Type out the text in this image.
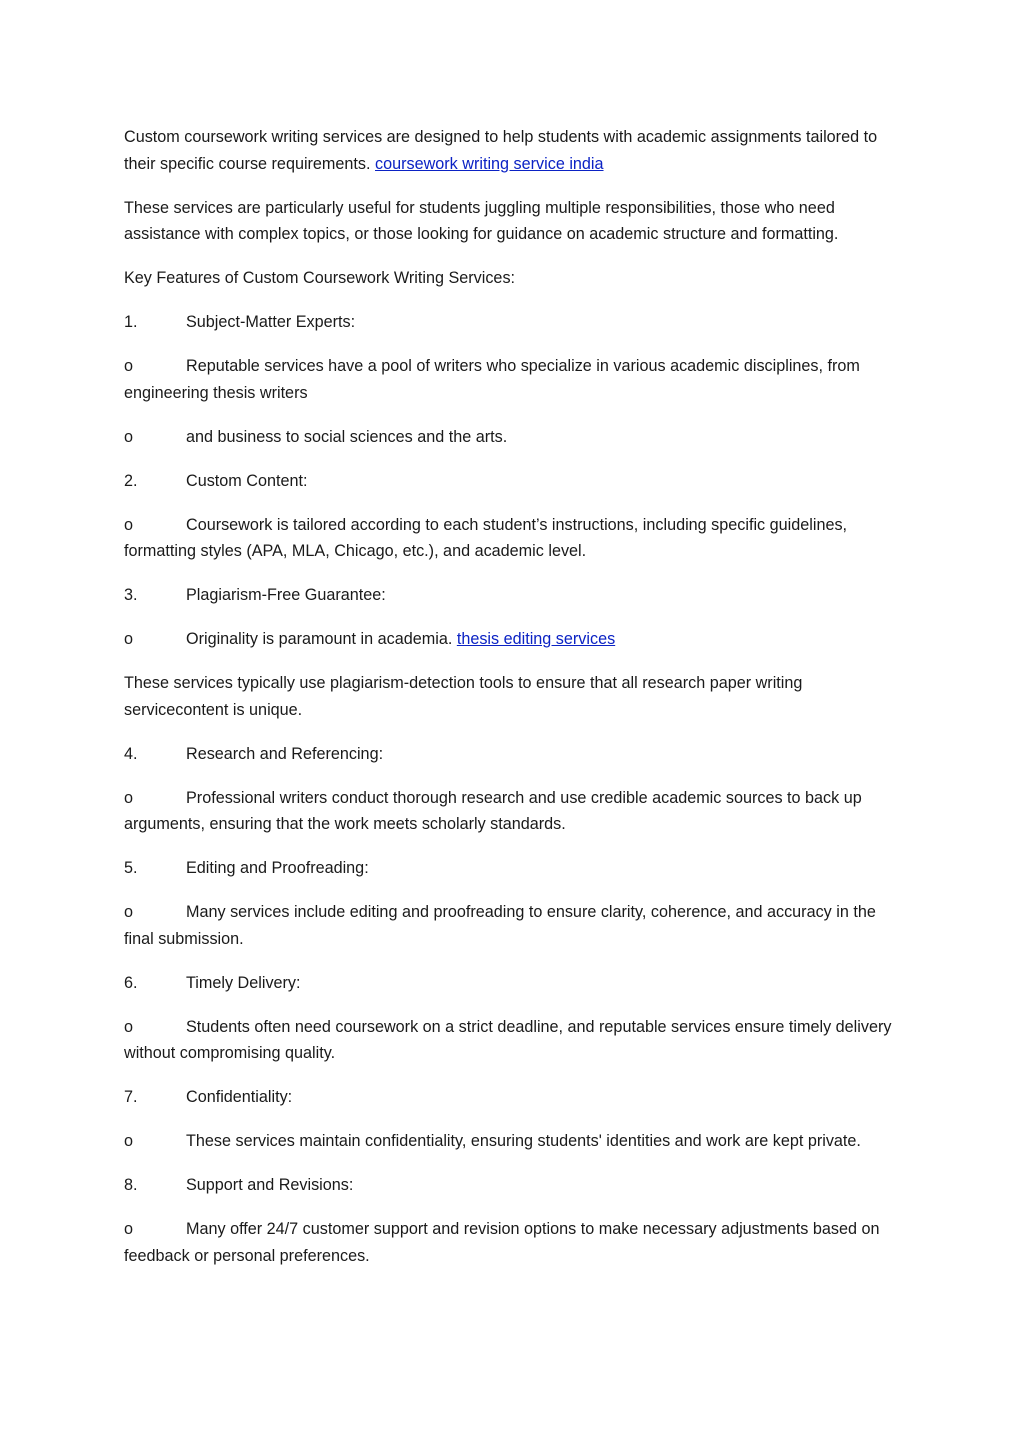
Custom coursework writing services are designed to help students with academic assignments tailored to their specific course requirements. coursework writing service india

These services are particularly useful for students juggling multiple responsibilities, those who need assistance with complex topics, or those looking for guidance on academic structure and formatting.

Key Features of Custom Coursework Writing Services:

1.	Subject-Matter Experts:

o	Reputable services have a pool of writers who specialize in various academic disciplines, from engineering thesis writers

o	and business to social sciences and the arts.

2.	Custom Content:

o	Coursework is tailored according to each student’s instructions, including specific guidelines, formatting styles (APA, MLA, Chicago, etc.), and academic level.

3.	Plagiarism-Free Guarantee:

o	Originality is paramount in academia. thesis editing services

These services typically use plagiarism-detection tools to ensure that all research paper writing servicecontent is unique.

4.	Research and Referencing:

o	Professional writers conduct thorough research and use credible academic sources to back up arguments, ensuring that the work meets scholarly standards.

5.	Editing and Proofreading:

o	Many services include editing and proofreading to ensure clarity, coherence, and accuracy in the final submission.

6.	Timely Delivery:

o	Students often need coursework on a strict deadline, and reputable services ensure timely delivery without compromising quality.

7.	Confidentiality:

o	These services maintain confidentiality, ensuring students' identities and work are kept private.

8.	Support and Revisions:

o	Many offer 24/7 customer support and revision options to make necessary adjustments based on feedback or personal preferences.
